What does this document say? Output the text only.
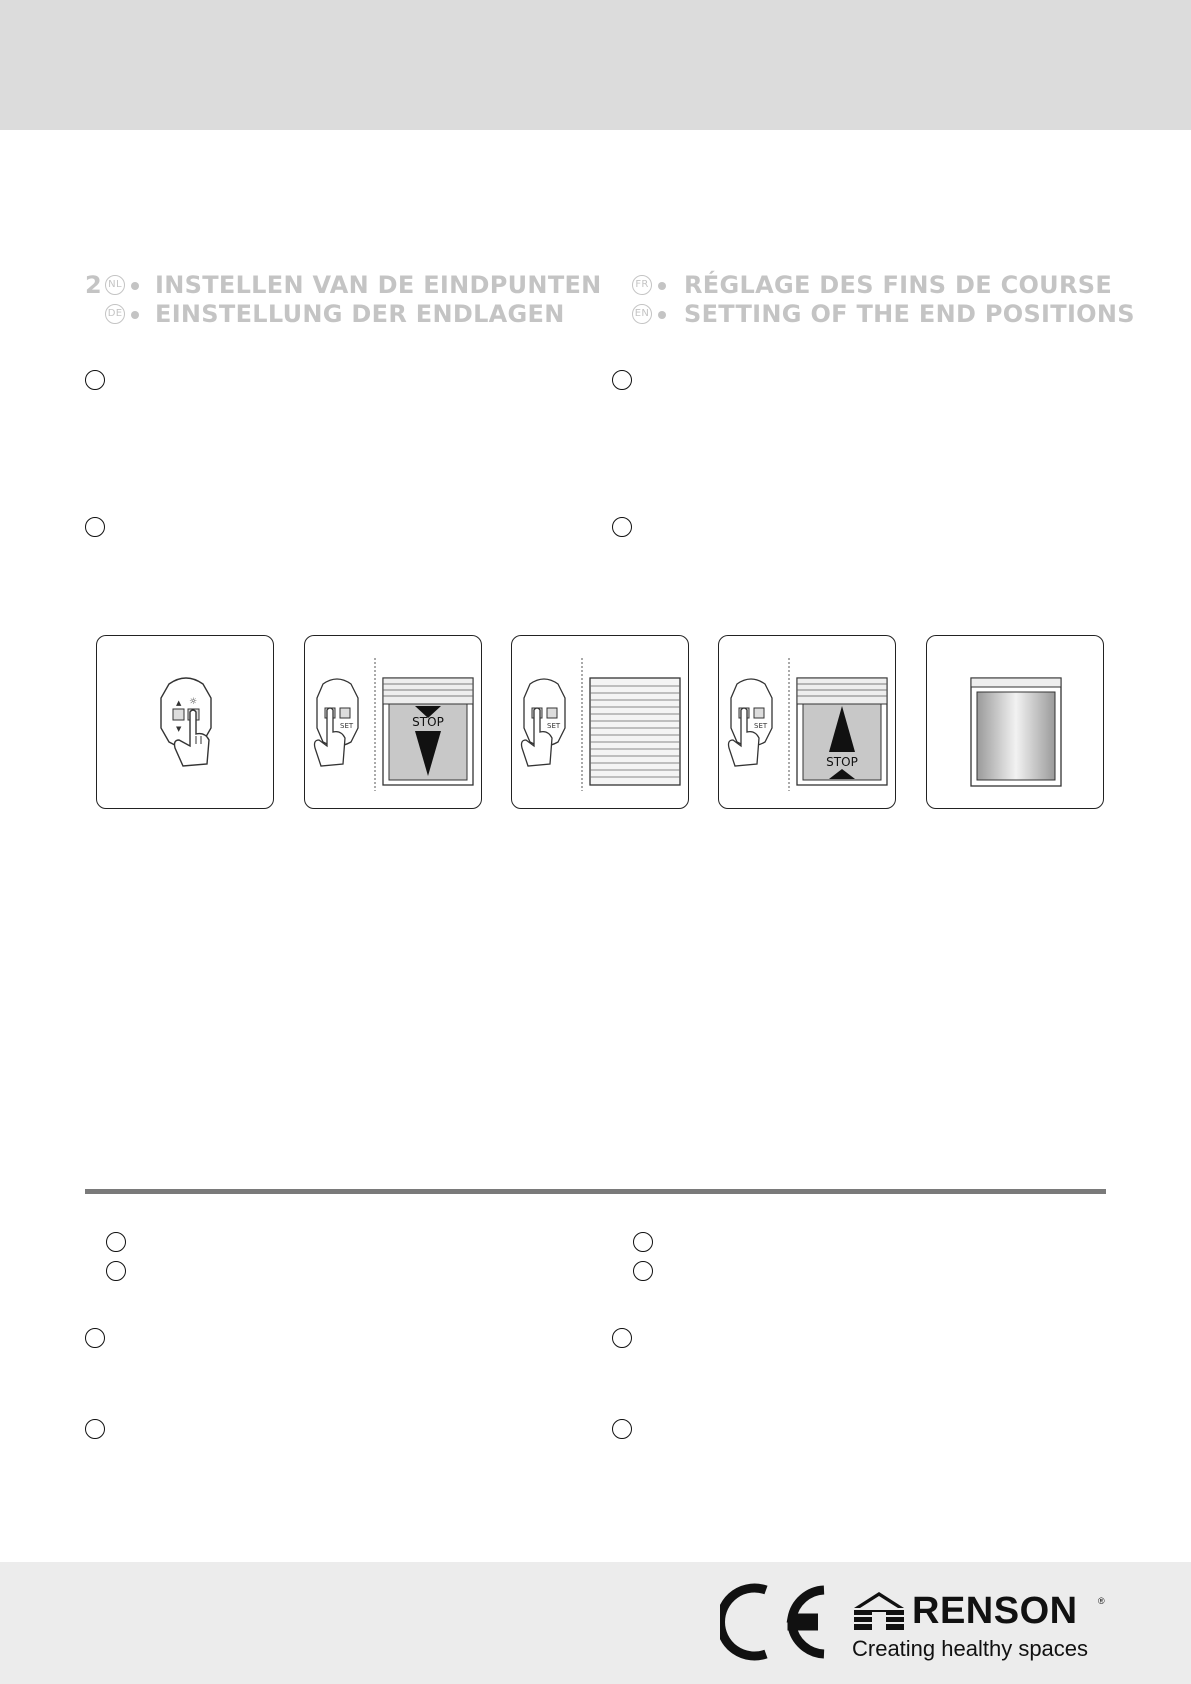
2 NL INSTELLEN VAN DE EINDPUNTEN
DE EINSTELLUNG DER ENDLAGEN
FR RÉGLAGE DES FINS DE COURSE
EN SETTING OF THE END POSITIONS
▲ ☼
▼	SET	STOP	SET	SET
STOP
RENSON ®
Creating healthy spaces
